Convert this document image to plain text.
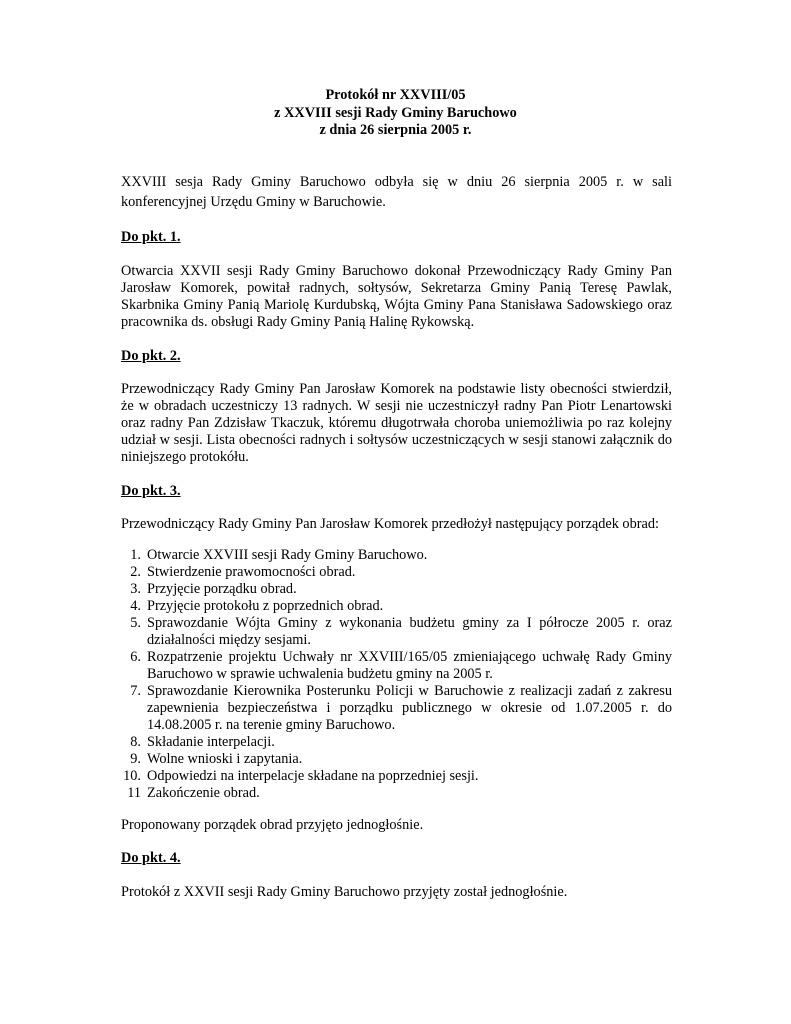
Protokół nr XXVIII/05
z XXVIII sesji Rady Gminy Baruchowo
z dnia 26 sierpnia 2005 r.
XXVIII sesja Rady Gminy Baruchowo odbyła się w dniu 26 sierpnia 2005 r. w sali konferencyjnej Urzędu Gminy w Baruchowie.
Do pkt. 1.
Otwarcia XXVII sesji Rady Gminy Baruchowo dokonał Przewodniczący Rady Gminy Pan Jarosław Komorek, powitał radnych, sołtysów, Sekretarza Gminy Panią Teresę Pawlak, Skarbnika Gminy Panią Mariolę Kurdubską, Wójta Gminy Pana Stanisława Sadowskiego oraz pracownika ds. obsługi Rady Gminy Panią Halinę Rykowską.
Do pkt. 2.
Przewodniczący Rady Gminy Pan Jarosław Komorek na podstawie listy obecności stwierdził, że w obradach uczestniczy 13 radnych. W sesji nie uczestniczył radny Pan Piotr Lenartowski oraz radny Pan Zdzisław Tkaczuk, któremu długotrwała choroba uniemożliwia po raz kolejny udział w sesji. Lista obecności radnych i sołtysów uczestniczących w sesji stanowi załącznik do niniejszego protokółu.
Do pkt. 3.
Przewodniczący Rady Gminy Pan Jarosław Komorek przedłożył następujący porządek obrad:
1. Otwarcie XXVIII sesji Rady Gminy Baruchowo.
2. Stwierdzenie prawomocności obrad.
3. Przyjęcie porządku obrad.
4. Przyjęcie protokołu z poprzednich obrad.
5. Sprawozdanie Wójta Gminy z wykonania budżetu gminy za I półrocze 2005 r. oraz działalności między sesjami.
6. Rozpatrzenie projektu Uchwały nr XXVIII/165/05 zmieniającego uchwałę Rady Gminy Baruchowo w sprawie uchwalenia budżetu gminy na 2005 r.
7. Sprawozdanie Kierownika Posterunku Policji w Baruchowie z realizacji zadań z zakresu zapewnienia bezpieczeństwa i porządku publicznego w okresie od 1.07.2005 r. do 14.08.2005 r. na terenie gminy Baruchowo.
8. Składanie interpelacji.
9. Wolne wnioski i zapytania.
10. Odpowiedzi na interpelacje składane na poprzedniej sesji.
11 Zakończenie obrad.
Proponowany porządek obrad przyjęto jednogłośnie.
Do pkt. 4.
Protokół z XXVII sesji Rady Gminy Baruchowo przyjęty został jednogłośnie.
